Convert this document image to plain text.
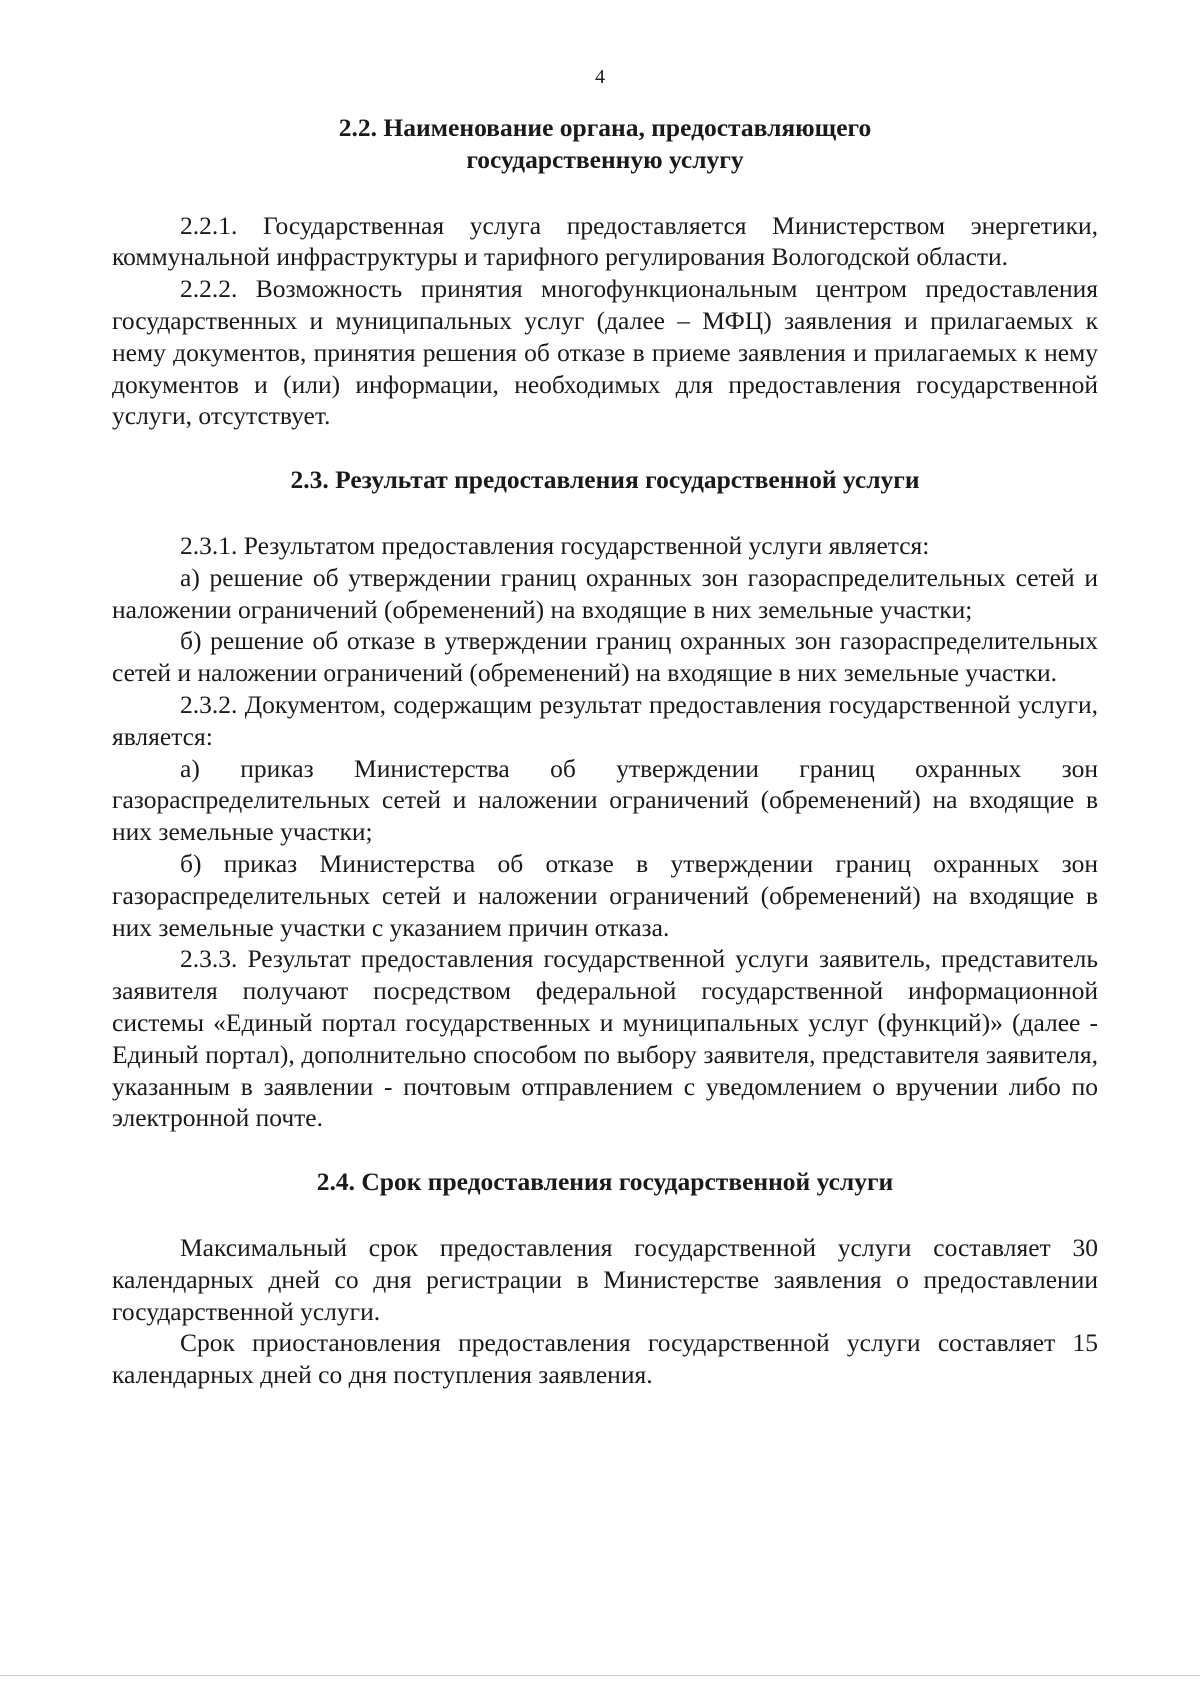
4
2.2. Наименование органа, предоставляющего
государственную услугу

2.2.1. Государственная услуга предоставляется Министерством энергетики, коммунальной инфраструктуры и тарифного регулирования Вологодской области.

2.2.2. Возможность принятия многофункциональным центром предоставления государственных и муниципальных услуг (далее – МФЦ) заявления и прилагаемых к нему документов, принятия решения об отказе в приеме заявления и прилагаемых к нему документов и (или) информации, необходимых для предоставления государственной услуги, отсутствует.

2.3. Результат предоставления государственной услуги

2.3.1. Результатом предоставления государственной услуги является:

а) решение об утверждении границ охранных зон газораспределительных сетей и наложении ограничений (обременений) на входящие в них земельные участки;

б) решение об отказе в утверждении границ охранных зон газораспределительных сетей и наложении ограничений (обременений) на входящие в них земельные участки.

2.3.2. Документом, содержащим результат предоставления государственной услуги, является:

а) приказ Министерства об утверждении границ охранных зон газораспределительных сетей и наложении ограничений (обременений) на входящие в них земельные участки;

б) приказ Министерства об отказе в утверждении границ охранных зон газораспределительных сетей и наложении ограничений (обременений) на входящие в них земельные участки с указанием причин отказа.

2.3.3. Результат предоставления государственной услуги заявитель, представитель заявителя получают посредством федеральной государственной информационной системы «Единый портал государственных и муниципальных услуг (функций)» (далее - Единый портал), дополнительно способом по выбору заявителя, представителя заявителя, указанным в заявлении - почтовым отправлением с уведомлением о вручении либо по электронной почте.

2.4. Срок предоставления государственной услуги

Максимальный срок предоставления государственной услуги составляет 30 календарных дней со дня регистрации в Министерстве заявления о предоставлении государственной услуги.

Срок приостановления предоставления государственной услуги составляет 15 календарных дней со дня поступления заявления.
